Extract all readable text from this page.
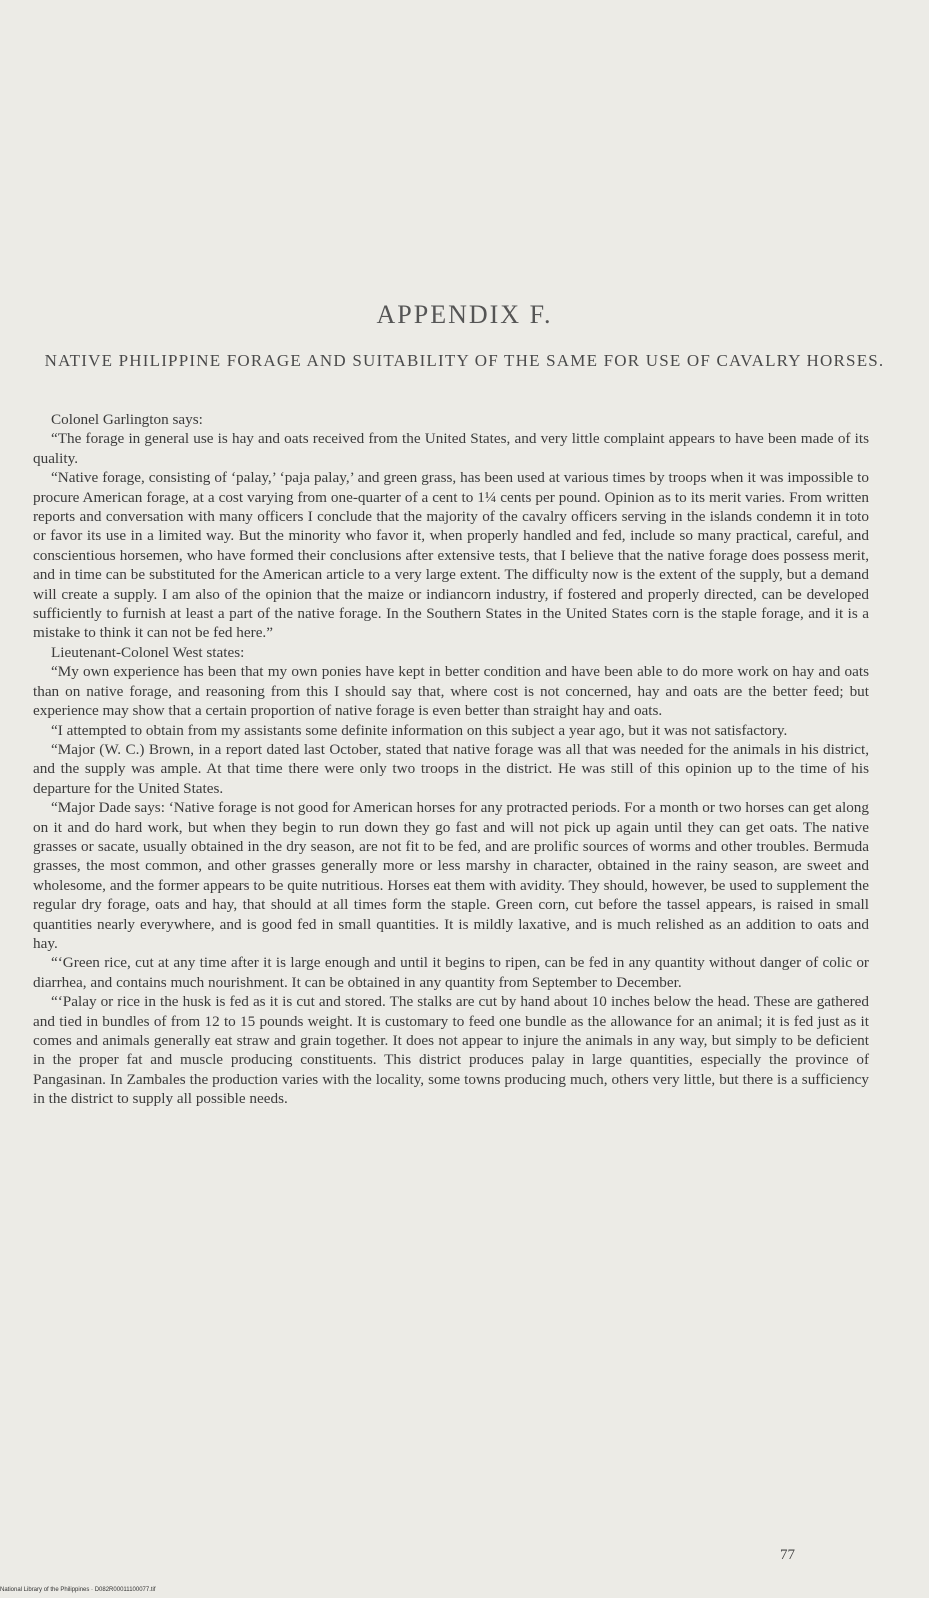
APPENDIX F.
NATIVE PHILIPPINE FORAGE AND SUITABILITY OF THE SAME FOR USE OF CAVALRY HORSES.

Colonel Garlington says:

“The forage in general use is hay and oats received from the United States, and very little complaint appears to have been made of its quality.

“Native forage, consisting of ‘palay,’ ‘paja palay,’ and green grass, has been used at various times by troops when it was impossible to procure American forage, at a cost varying from one-quarter of a cent to 1¼ cents per pound. Opinion as to its merit varies. From written reports and conversation with many officers I conclude that the majority of the cavalry officers serving in the islands condemn it in toto or favor its use in a limited way. But the minority who favor it, when properly handled and fed, include so many practical, careful, and conscientious horsemen, who have formed their conclusions after extensive tests, that I believe that the native forage does possess merit, and in time can be substituted for the American article to a very large extent. The difficulty now is the extent of the supply, but a demand will create a supply. I am also of the opinion that the maize or indiancorn industry, if fostered and properly directed, can be developed sufficiently to furnish at least a part of the native forage. In the Southern States in the United States corn is the staple forage, and it is a mistake to think it can not be fed here.”

Lieutenant-Colonel West states:

“My own experience has been that my own ponies have kept in better condition and have been able to do more work on hay and oats than on native forage, and reasoning from this I should say that, where cost is not concerned, hay and oats are the better feed; but experience may show that a certain proportion of native forage is even better than straight hay and oats.

“I attempted to obtain from my assistants some definite information on this subject a year ago, but it was not satisfactory.

“Major (W. C.) Brown, in a report dated last October, stated that native forage was all that was needed for the animals in his district, and the supply was ample. At that time there were only two troops in the district. He was still of this opinion up to the time of his departure for the United States.

“Major Dade says: ‘Native forage is not good for American horses for any protracted periods. For a month or two horses can get along on it and do hard work, but when they begin to run down they go fast and will not pick up again until they can get oats. The native grasses or sacate, usually obtained in the dry season, are not fit to be fed, and are prolific sources of worms and other troubles. Bermuda grasses, the most common, and other grasses generally more or less marshy in character, obtained in the rainy season, are sweet and wholesome, and the former appears to be quite nutritious. Horses eat them with avidity. They should, however, be used to supplement the regular dry forage, oats and hay, that should at all times form the staple. Green corn, cut before the tassel appears, is raised in small quantities nearly everywhere, and is good fed in small quantities. It is mildly laxative, and is much relished as an addition to oats and hay.

“‘Green rice, cut at any time after it is large enough and until it begins to ripen, can be fed in any quantity without danger of colic or diarrhea, and contains much nourishment. It can be obtained in any quantity from September to December.

“‘Palay or rice in the husk is fed as it is cut and stored. The stalks are cut by hand about 10 inches below the head. These are gathered and tied in bundles of from 12 to 15 pounds weight. It is customary to feed one bundle as the allowance for an animal; it is fed just as it comes and animals generally eat straw and grain together. It does not appear to injure the animals in any way, but simply to be deficient in the proper fat and muscle producing constituents. This district produces palay in large quantities, especially the province of Pangasinan. In Zambales the production varies with the locality, some towns producing much, others very little, but there is a sufficiency in the district to supply all possible needs.

77
National Library of the Philippines · D082R00011100077.tif
